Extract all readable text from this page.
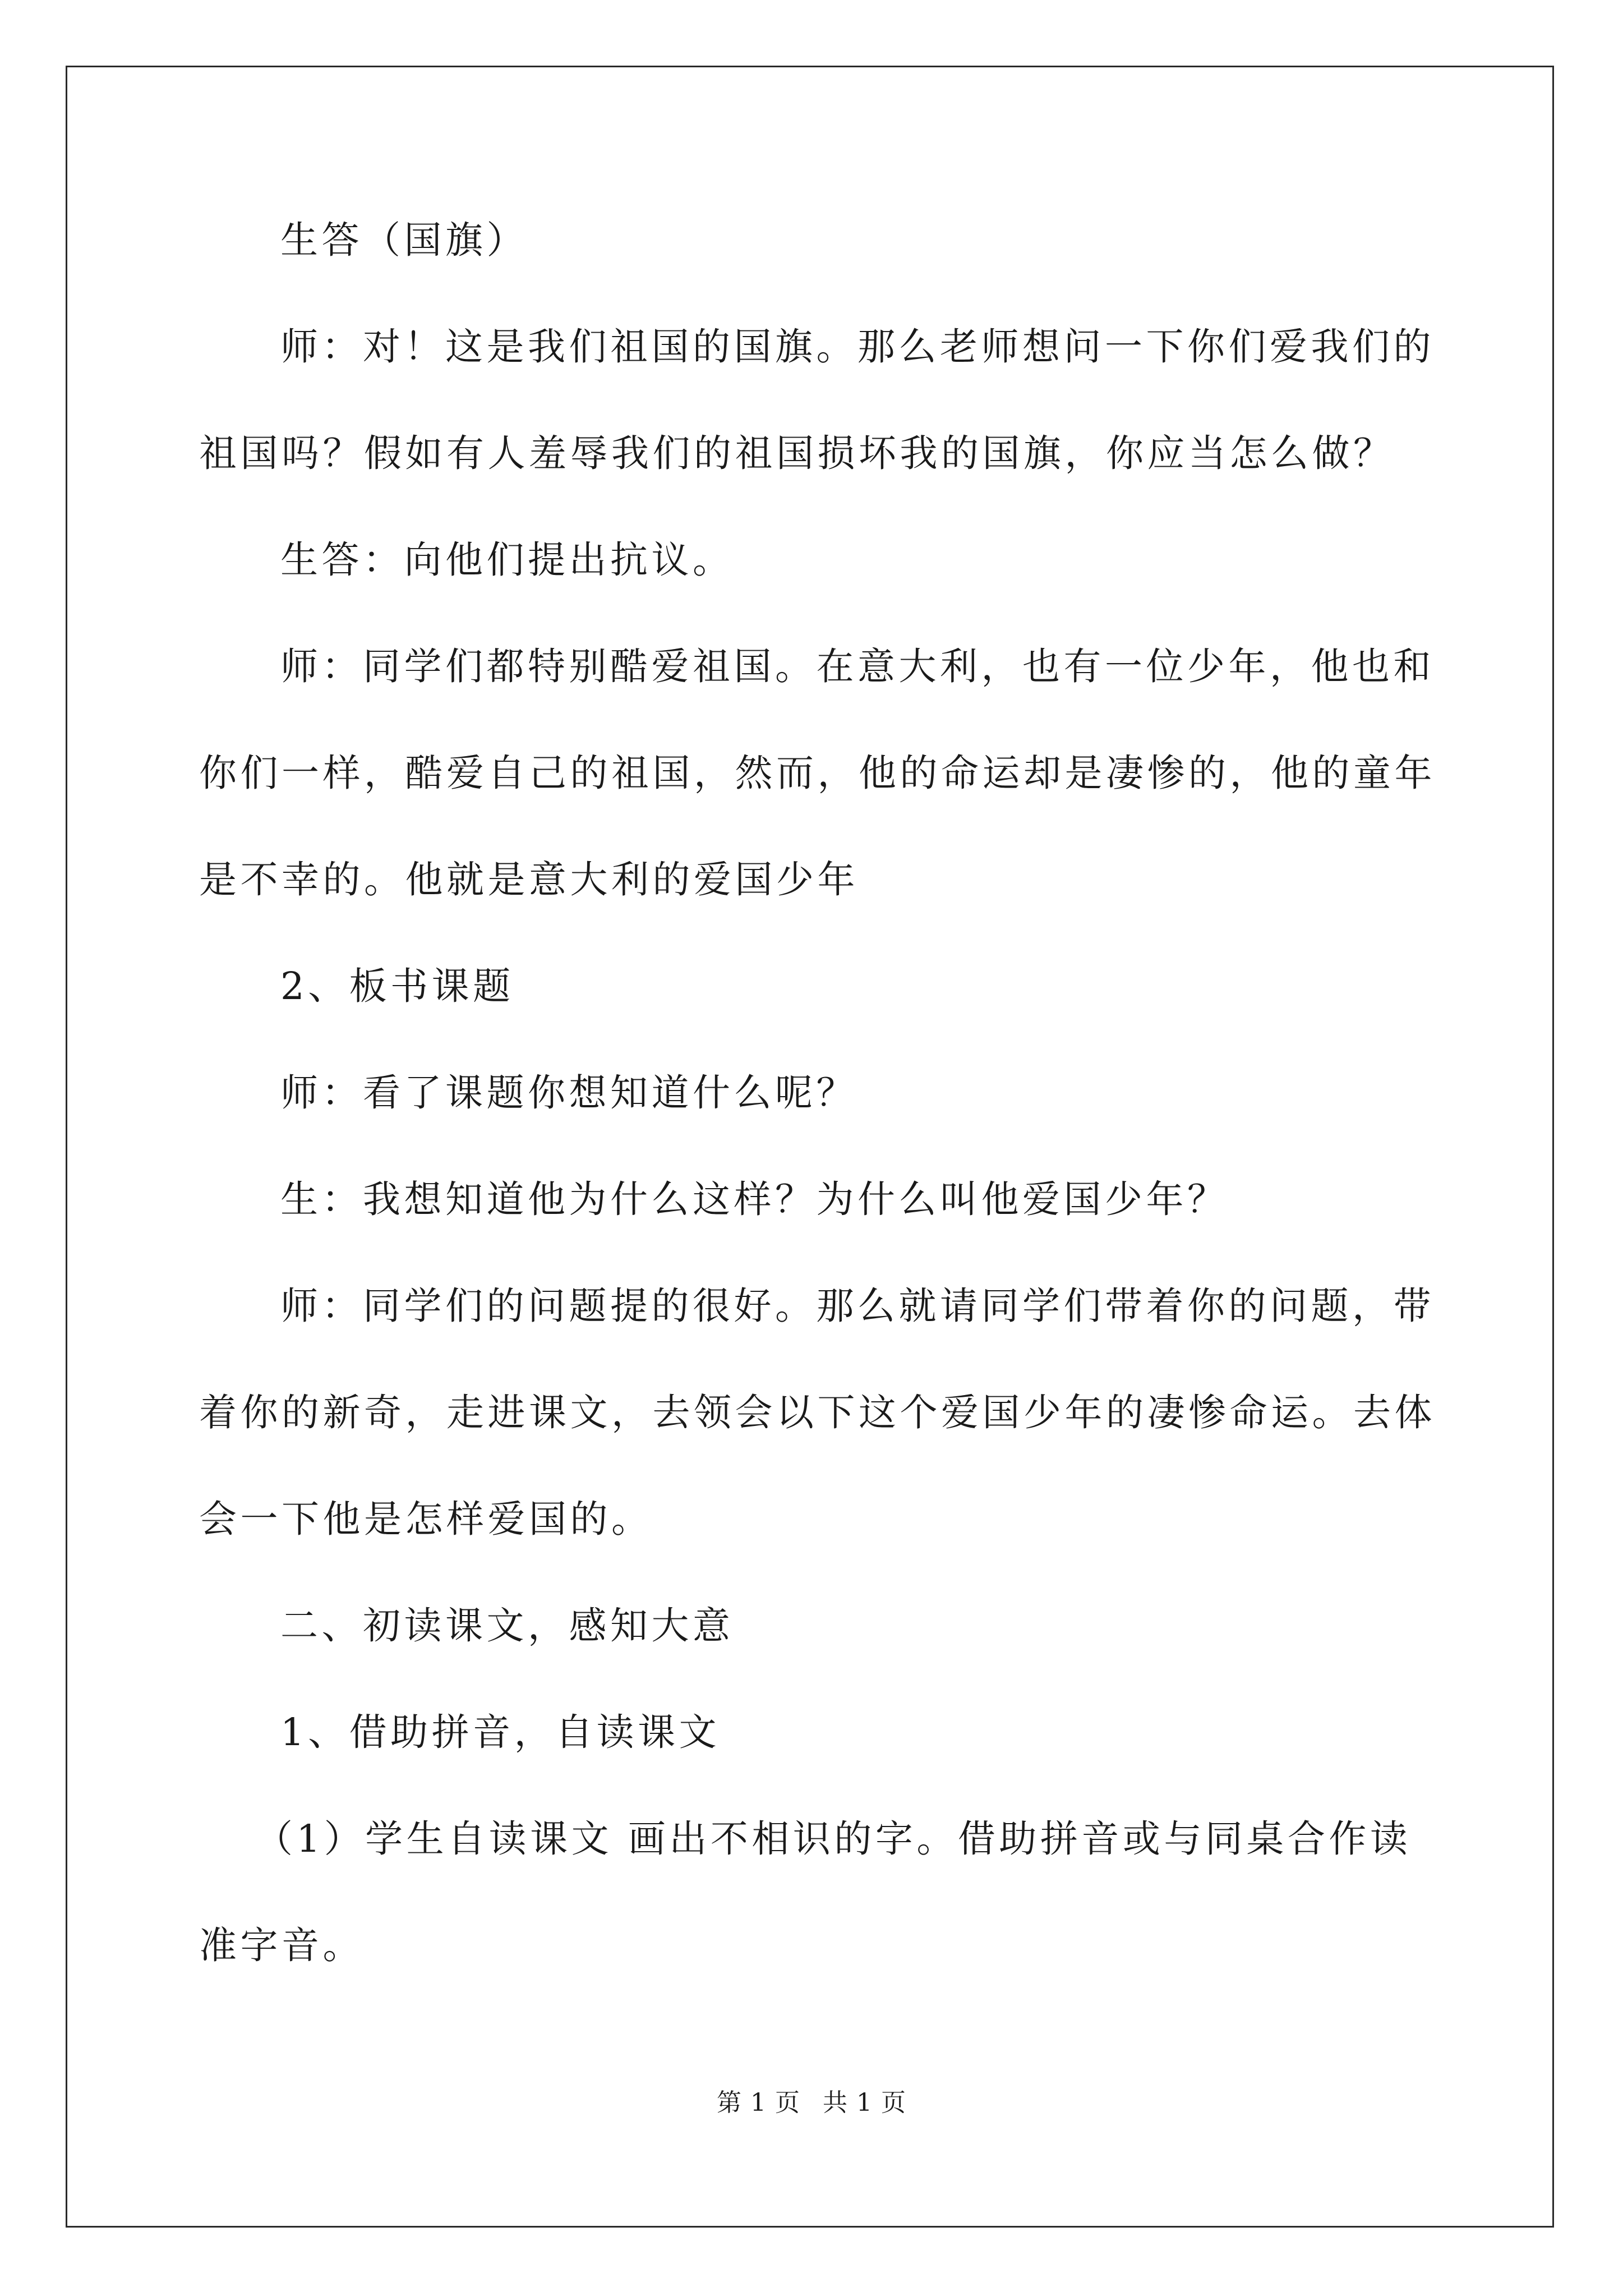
生答（国旗）
师：对！这是我们祖国的国旗。那么老师想问一下你们爱我们的
祖国吗？假如有人羞辱我们的祖国损坏我的国旗，你应当怎么做？
生答：向他们提出抗议。
师：同学们都特别酷爱祖国。在意大利，也有一位少年，他也和
你们一样，酷爱自己的祖国，然而，他的命运却是凄惨的，他的童年
是不幸的。他就是意大利的爱国少年
2、板书课题
师：看了课题你想知道什么呢？
生：我想知道他为什么这样？为什么叫他爱国少年？
师：同学们的问题提的很好。那么就请同学们带着你的问题，带
着你的新奇，走进课文，去领会以下这个爱国少年的凄惨命运。去体
会一下他是怎样爱国的。
二、初读课文，感知大意
1、借助拼音，自读课文
（1）学生自读课文 画出不相识的字。借助拼音或与同桌合作读
准字音。
第 1 页 共 1 页
